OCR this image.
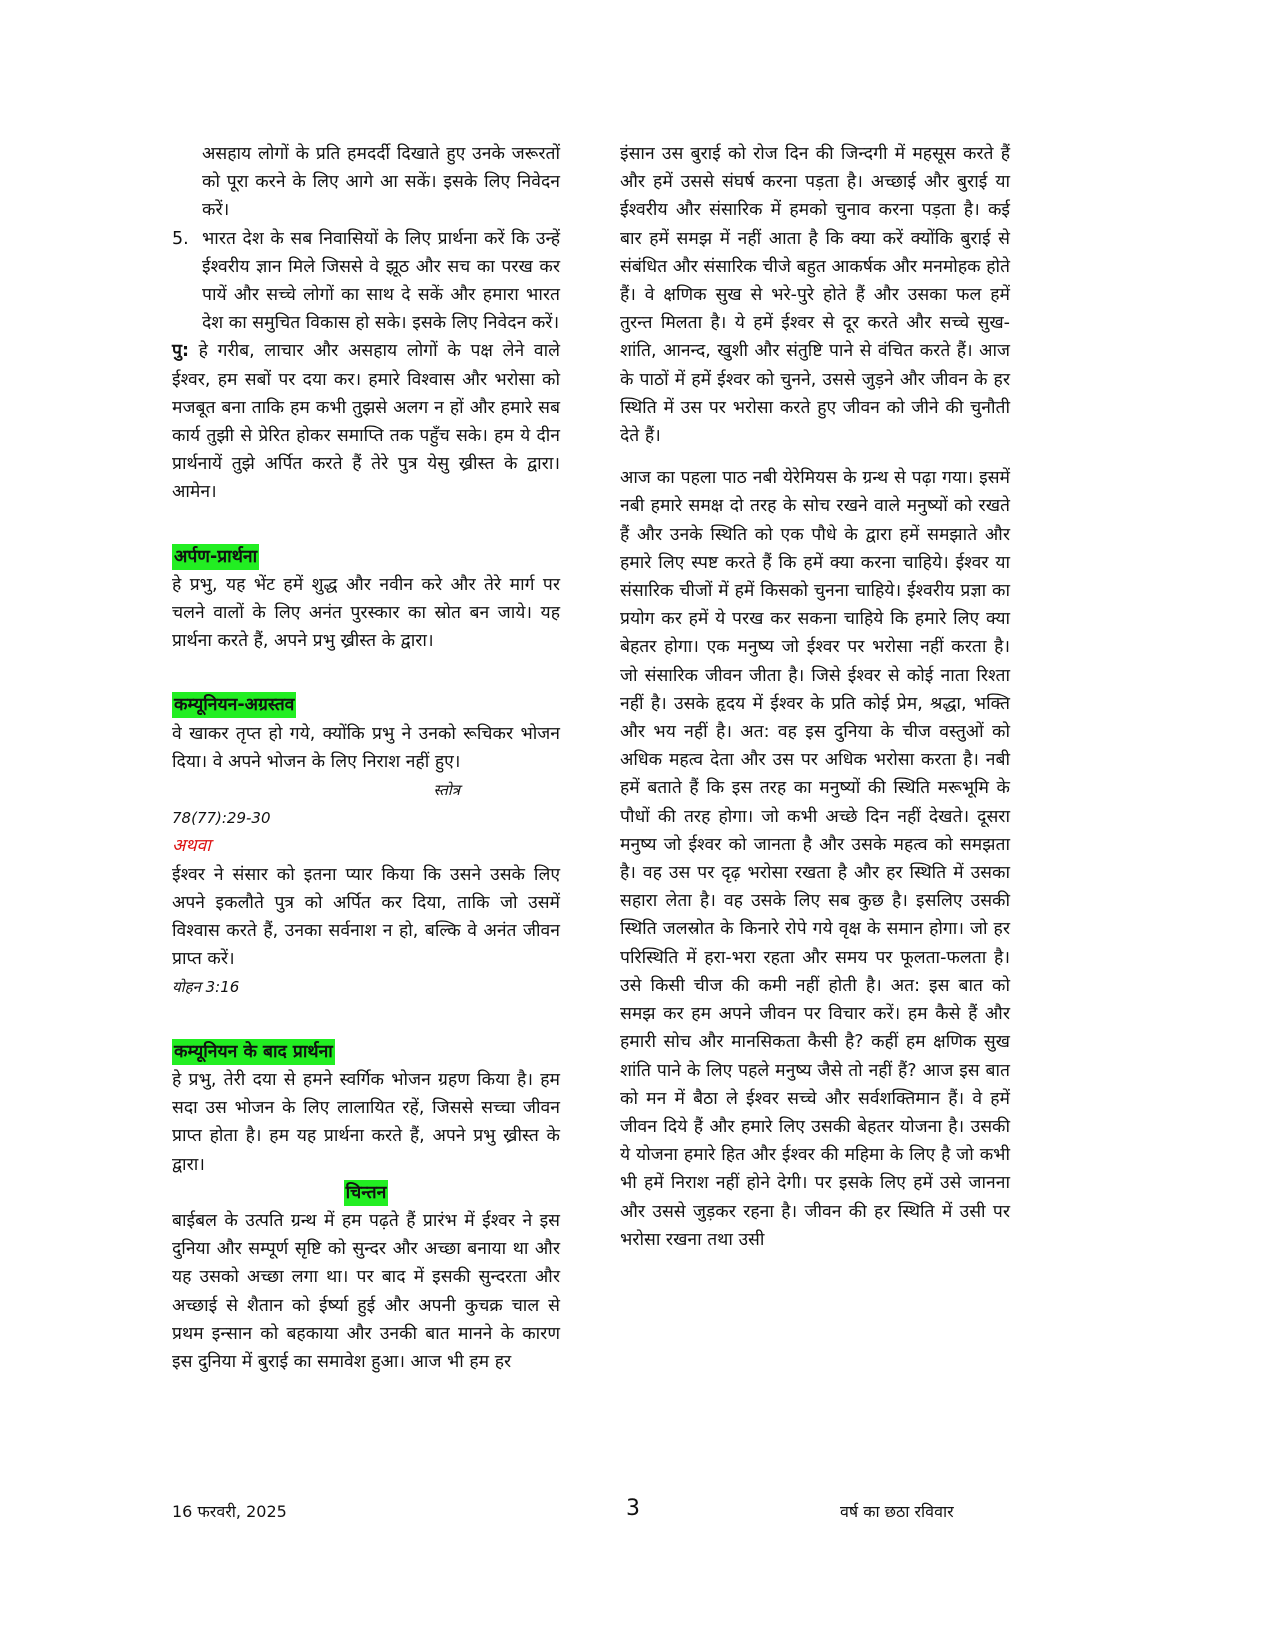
असहाय लोगों के प्रति हमदर्दी दिखाते हुए उनके जरूरतों को पूरा करने के लिए आगे आ सकें। इसके लिए निवेदन करें।

5. भारत देश के सब निवासियों के लिए प्रार्थना करें कि उन्हें ईश्वरीय ज्ञान मिले जिससे वे झूठ और सच का परख कर पायें और सच्चे लोगों का साथ दे सकें और हमारा भारत देश का समुचित विकास हो सके। इसके लिए निवेदन करें।

पु: हे गरीब, लाचार और असहाय लोगों के पक्ष लेने वाले ईश्वर, हम सबों पर दया कर। हमारे विश्वास और भरोसा को मजबूत बना ताकि हम कभी तुझसे अलग न हों और हमारे सब कार्य तुझी से प्रेरित होकर समाप्ति तक पहुँच सके। हम ये दीन प्रार्थनायें तुझे अर्पित करते हैं तेरे पुत्र येसु ख्रीस्त के द्वारा। आमेन।

अर्पण-प्रार्थना

हे प्रभु, यह भेंट हमें शुद्ध और नवीन करे और तेरे मार्ग पर चलने वालों के लिए अनंत पुरस्कार का स्रोत बन जाये। यह प्रार्थना करते हैं, अपने प्रभु ख्रीस्त के द्वारा।

कम्यूनियन-अग्रस्तव

वे खाकर तृप्त हो गये, क्योंकि प्रभु ने उनको रूचिकर भोजन दिया। वे अपने भोजन के लिए निराश नहीं हुए।

स्तोत्र
78(77):29-30
अथवा

ईश्वर ने संसार को इतना प्यार किया कि उसने उसके लिए अपने इकलौते पुत्र को अर्पित कर दिया, ताकि जो उसमें विश्वास करते हैं, उनका सर्वनाश न हो, बल्कि वे अनंत जीवन प्राप्त करें।

योहन 3:16
कम्यूनियन के बाद प्रार्थना

हे प्रभु, तेरी दया से हमने स्वर्गिक भोजन ग्रहण किया है। हम सदा उस भोजन के लिए लालायित रहें, जिससे सच्चा जीवन प्राप्त होता है। हम यह प्रार्थना करते हैं, अपने प्रभु ख्रीस्त के द्वारा।

चिन्तन

बाईबल के उत्पति ग्रन्थ में हम पढ़ते हैं प्रारंभ में ईश्वर ने इस दुनिया और सम्पूर्ण सृष्टि को सुन्दर और अच्छा बनाया था और यह उसको अच्छा लगा था। पर बाद में इसकी सुन्दरता और अच्छाई से शैतान को ईर्ष्या हुई और अपनी कुचक्र चाल से प्रथम इन्सान को बहकाया और उनकी बात मानने के कारण इस दुनिया में बुराई का समावेश हुआ। आज भी हम हर

इंसान उस बुराई को रोज दिन की जिन्दगी में महसूस करते हैं और हमें उससे संघर्ष करना पड़ता है। अच्छाई और बुराई या ईश्वरीय और संसारिक में हमको चुनाव करना पड़ता है। कई बार हमें समझ में नहीं आता है कि क्या करें क्योंकि बुराई से संबंधित और संसारिक चीजे बहुत आकर्षक और मनमोहक होते हैं। वे क्षणिक सुख से भरे-पुरे होते हैं और उसका फल हमें तुरन्त मिलता है। ये हमें ईश्वर से दूर करते और सच्चे सुख-शांति, आनन्द, खुशी और संतुष्टि पाने से वंचित करते हैं। आज के पाठों में हमें ईश्वर को चुनने, उससे जुड़ने और जीवन के हर स्थिति में उस पर भरोसा करते हुए जीवन को जीने की चुनौती देते हैं।

आज का पहला पाठ नबी येरेमियस के ग्रन्थ से पढ़ा गया। इसमें नबी हमारे समक्ष दो तरह के सोच रखने वाले मनुष्यों को रखते हैं और उनके स्थिति को एक पौधे के द्वारा हमें समझाते और हमारे लिए स्पष्ट करते हैं कि हमें क्या करना चाहिये। ईश्वर या संसारिक चीजों में हमें किसको चुनना चाहिये। ईश्वरीय प्रज्ञा का प्रयोग कर हमें ये परख कर सकना चाहिये कि हमारे लिए क्या बेहतर होगा। एक मनुष्य जो ईश्वर पर भरोसा नहीं करता है। जो संसारिक जीवन जीता है। जिसे ईश्वर से कोई नाता रिश्ता नहीं है। उसके हृदय में ईश्वर के प्रति कोई प्रेम, श्रद्धा, भक्ति और भय नहीं है। अत: वह इस दुनिया के चीज वस्तुओं को अधिक महत्व देता और उस पर अधिक भरोसा करता है। नबी हमें बताते हैं कि इस तरह का मनुष्यों की स्थिति मरूभूमि के पौधों की तरह होगा। जो कभी अच्छे दिन नहीं देखते। दूसरा मनुष्य जो ईश्वर को जानता है और उसके महत्व को समझता है। वह उस पर दृढ़ भरोसा रखता है और हर स्थिति में उसका सहारा लेता है। वह उसके लिए सब कुछ है। इसलिए उसकी स्थिति जलस्रोत के किनारे रोपे गये वृक्ष के समान होगा। जो हर परिस्थिति में हरा-भरा रहता और समय पर फूलता-फलता है। उसे किसी चीज की कमी नहीं होती है। अत: इस बात को समझ कर हम अपने जीवन पर विचार करें। हम कैसे हैं और हमारी सोच और मानसिकता कैसी है? कहीं हम क्षणिक सुख शांति पाने के लिए पहले मनुष्य जैसे तो नहीं हैं? आज इस बात को मन में बैठा ले ईश्वर सच्चे और सर्वशक्तिमान हैं। वे हमें जीवन दिये हैं और हमारे लिए उसकी बेहतर योजना है। उसकी ये योजना हमारे हित और ईश्वर की महिमा के लिए है जो कभी भी हमें निराश नहीं होने देगी। पर इसके लिए हमें उसे जानना और उससे जुड़कर रहना है। जीवन की हर स्थिति में उसी पर भरोसा रखना तथा उसी

16 फरवरी, 2025	3	वर्ष का छठा रविवार
